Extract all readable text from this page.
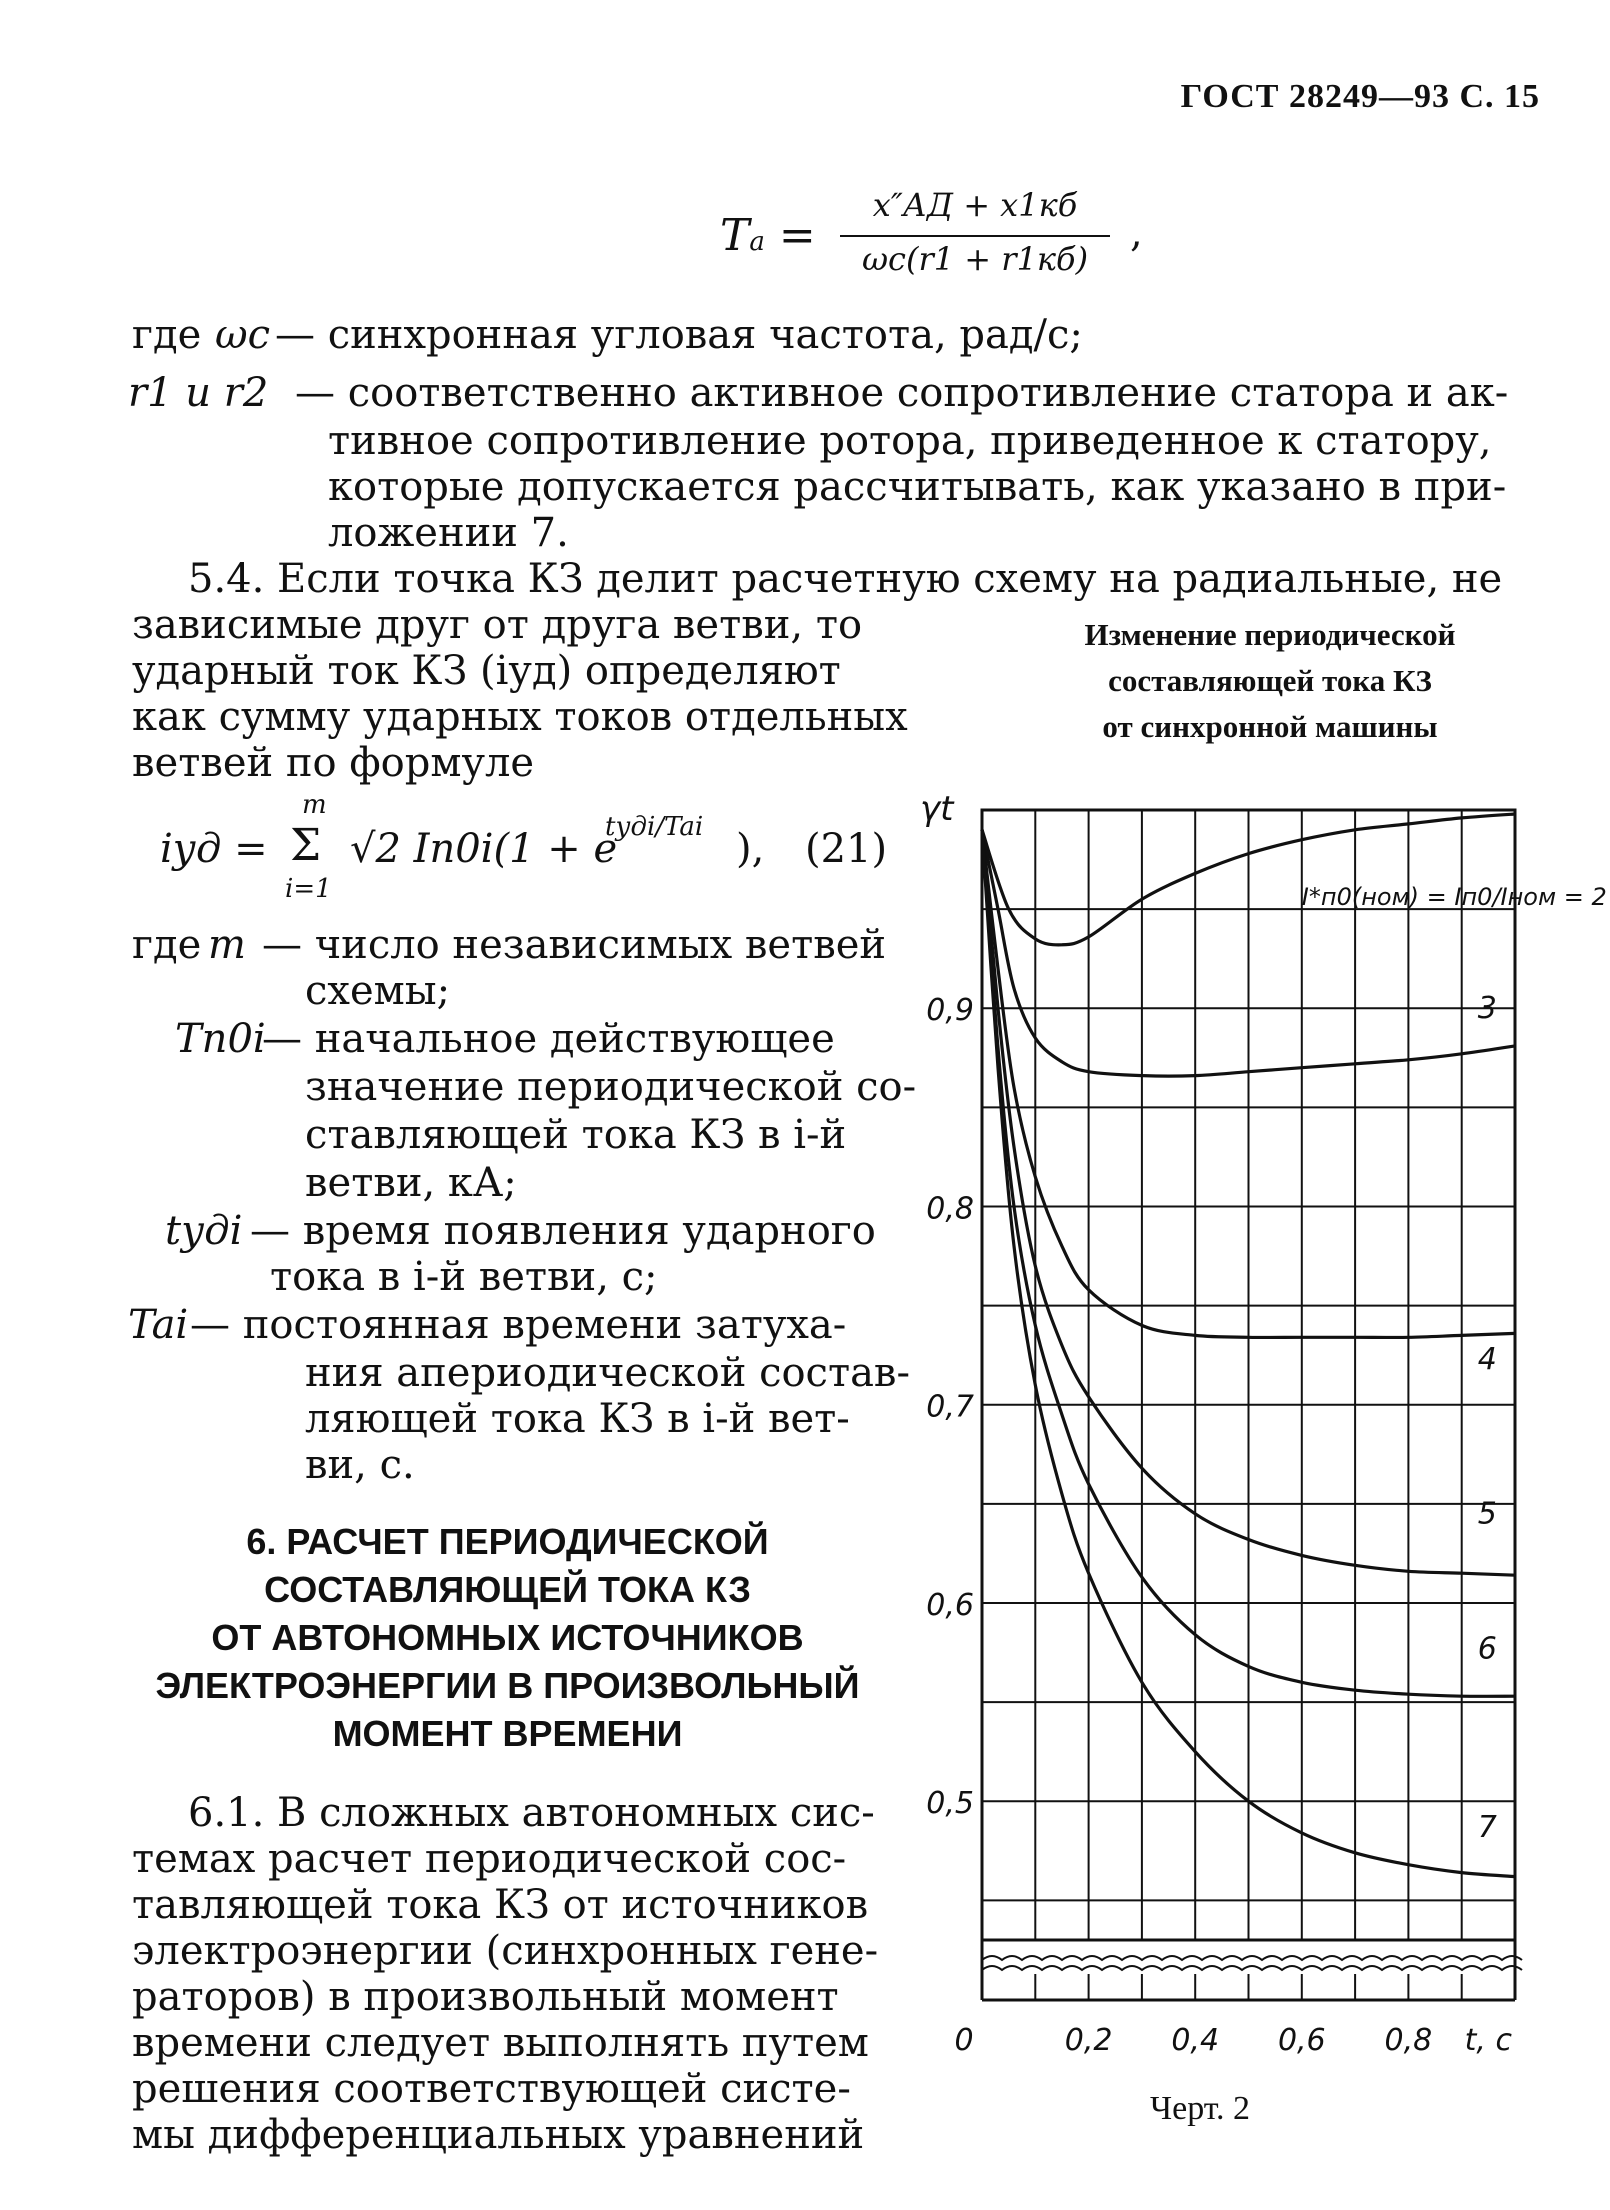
ГОСТ 28249—93 С. 15
Ta =
x″АД + x1кб
ωc(r1 + r1кб)
,
где ωc — синхронная угловая частота, рад/с;
r1 и r2 — соответственно активное сопротивление статора и ак-
тивное сопротивление ротора, приведенное к статору,
которые допускается рассчитывать, как указано в при-
ложении 7.
5.4. Если точка КЗ делит расчетную схему на радиальные, не
зависимые друг от друга ветви, то
ударный ток КЗ (iуд) определяют
как сумму ударных токов отдельных
ветвей по формуле
iуд =
m
Σ
i=1
√2 Iп0i(1 + e
tудi/Tai ), (21)
где m — число независимых ветвей
схемы;
Tп0i
— начальное действующее
значение периодической со-
ставляющей тока КЗ в i-й
ветви, кА;
tудi — время появления ударного
тока в i-й ветви, с;
Tai — постоянная времени затуха-
ния апериодической состав-
ляющей тока КЗ в i-й вет-
ви, с.
6. РАСЧЕТ ПЕРИОДИЧЕСКОЙ
СОСТАВЛЯЮЩЕЙ ТОКА КЗ
ОТ АВТОНОМНЫХ ИСТОЧНИКОВ
ЭЛЕКТРОЭНЕРГИИ В ПРОИЗВОЛЬНЫЙ
МОМЕНТ ВРЕМЕНИ
6.1. В сложных автономных сис-
темах расчет периодической сос-
тавляющей тока КЗ от источников
электроэнергии (синхронных гене-
раторов) в произвольный момент
времени следует выполнять путем
решения соответствующей систе-
мы дифференциальных уравнений
Изменение периодической
составляющей тока КЗ
от синхронной машины
I*п0(ном) = Iп0/Iном = 2
3
4
5
6
7
γt
0,9
0,8
0,7
0,6
0,5
0	0,2 0,4 0,6 0,8 t, c
Черт. 2
